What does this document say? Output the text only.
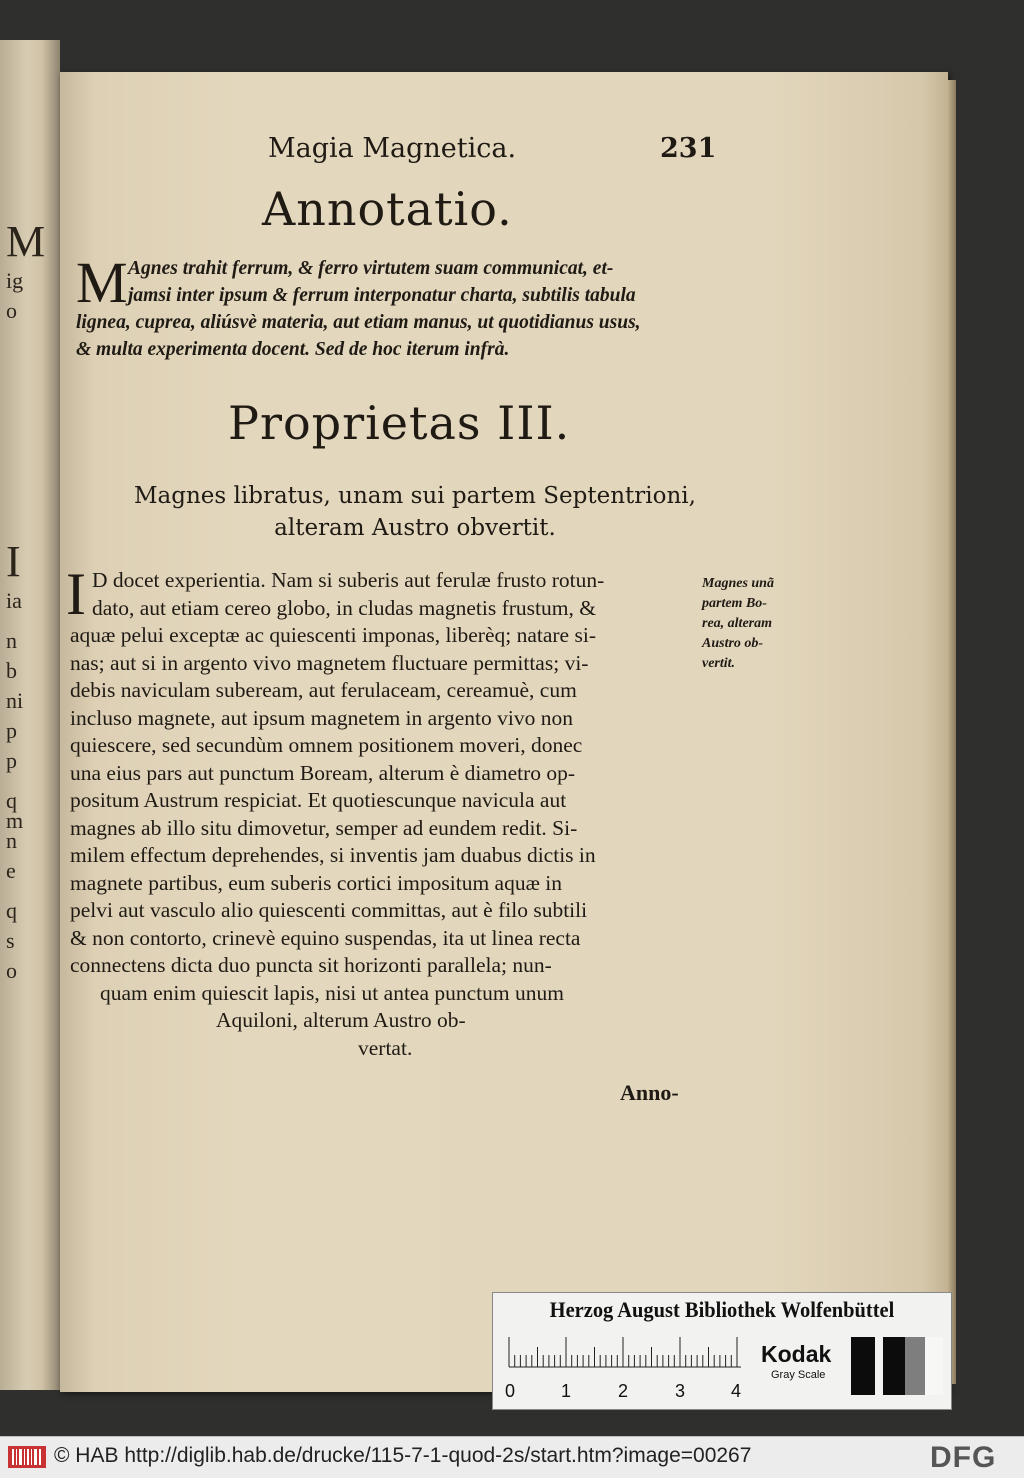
M
ig
o
I
ia
n
b
ni
p
p
q
m
n
e
q
s
o
Magia Magnetica.	231
Annotatio.
M Agnes trahit ferrum, & ferro virtutem suam communicat, et-
jamsi inter ipsum & ferrum interponatur charta, subtilis tabula
lignea, cuprea, aliúsvè materia, aut etiam manus, ut quotidianus usus,
& multa experimenta docent. Sed de hoc iterum infrà.
Proprietas III.
Magnes libratus, unam sui partem Septentrioni,
alteram Austro obvertit.
I D docet experientia. Nam si suberis aut ferulæ frusto rotun-
dato, aut etiam cereo globo, in cludas magnetis frustum, &
aquæ pelui exceptæ ac quiescenti imponas, liberèq; natare si-
nas; aut si in argento vivo magnetem fluctuare permittas; vi-
debis naviculam subeream, aut ferulaceam, cereamuè, cum
incluso magnete, aut ipsum magnetem in argento vivo non
quiescere, sed secundùm omnem positionem moveri, donec
una eius pars aut punctum Boream, alterum è diametro op-
positum Austrum respiciat. Et quotiescunque navicula aut
magnes ab illo situ dimovetur, semper ad eundem redit. Si-
milem effectum deprehendes, si inventis jam duabus dictis in
magnete partibus, eum suberis cortici impositum aquæ in
pelvi aut vasculo alio quiescenti committas, aut è filo subtili
& non contorto, crinevè equino suspendas, ita ut linea recta
connectens dicta duo puncta sit horizonti parallela; nun-
quam enim quiescit lapis, nisi ut antea punctum unum
Aquiloni, alterum Austro ob-
vertat.
Magnes unã
partem Bo-
rea, alteram
Austro ob-
vertit.
Anno-
Herzog August Bibliothek Wolfenbüttel
0	1	2	3	4
Kodak
Gray Scale
© HAB http://diglib.hab.de/drucke/115-7-1-quod-2s/start.htm?image=00267	DFG
